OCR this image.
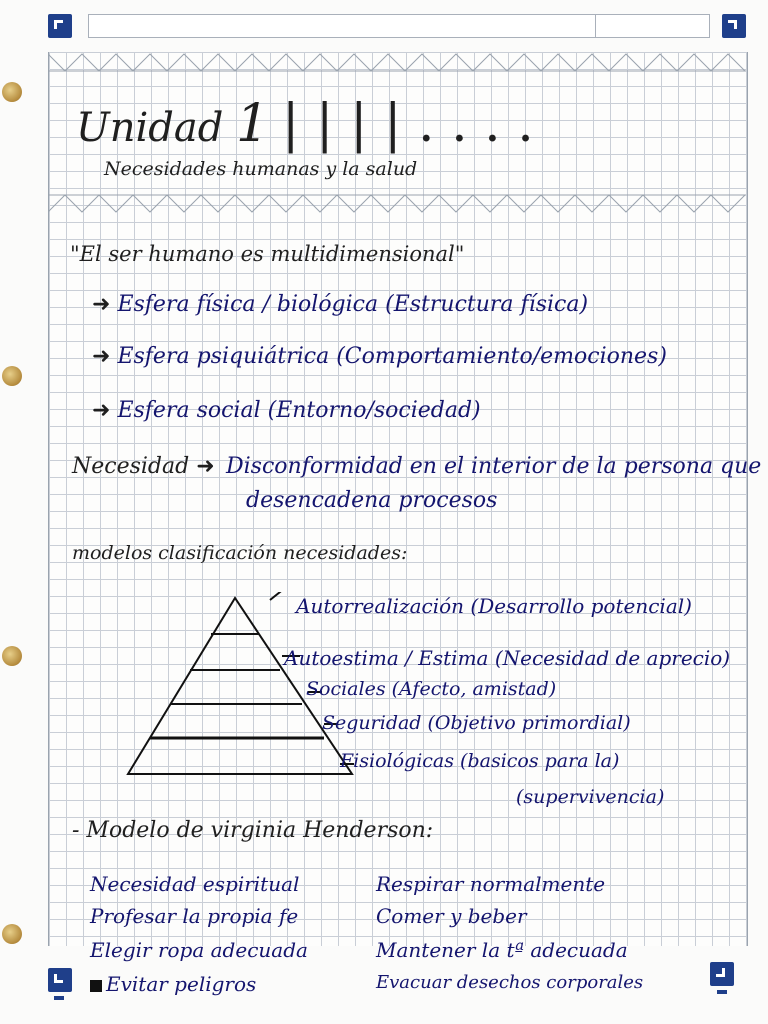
Unidad 1 | | | | . . . .
Necesidades humanas y la salud
"El ser humano es multidimensional"
➜ Esfera física / biológica (Estructura física)
➜ Esfera psiquiátrica (Comportamiento/emociones)
➜ Esfera social (Entorno/sociedad)
Necesidad ➜ Disconformidad en el interior de la persona que
desencadena procesos
modelos clasificación necesidades:
Autorrealización (Desarrollo potencial)
Autoestima / Estima (Necesidad de aprecio)
Sociales (Afecto, amistad)
Seguridad (Objetivo primordial)
Fisiológicas (basicos para la)
(supervivencia)
- Modelo de virginia Henderson:
Necesidad espiritual
Profesar la propia fe
Elegir ropa adecuada
Evitar peligros
Respirar normalmente
Comer y beber
Mantener la tª adecuada
Evacuar desechos corporales
